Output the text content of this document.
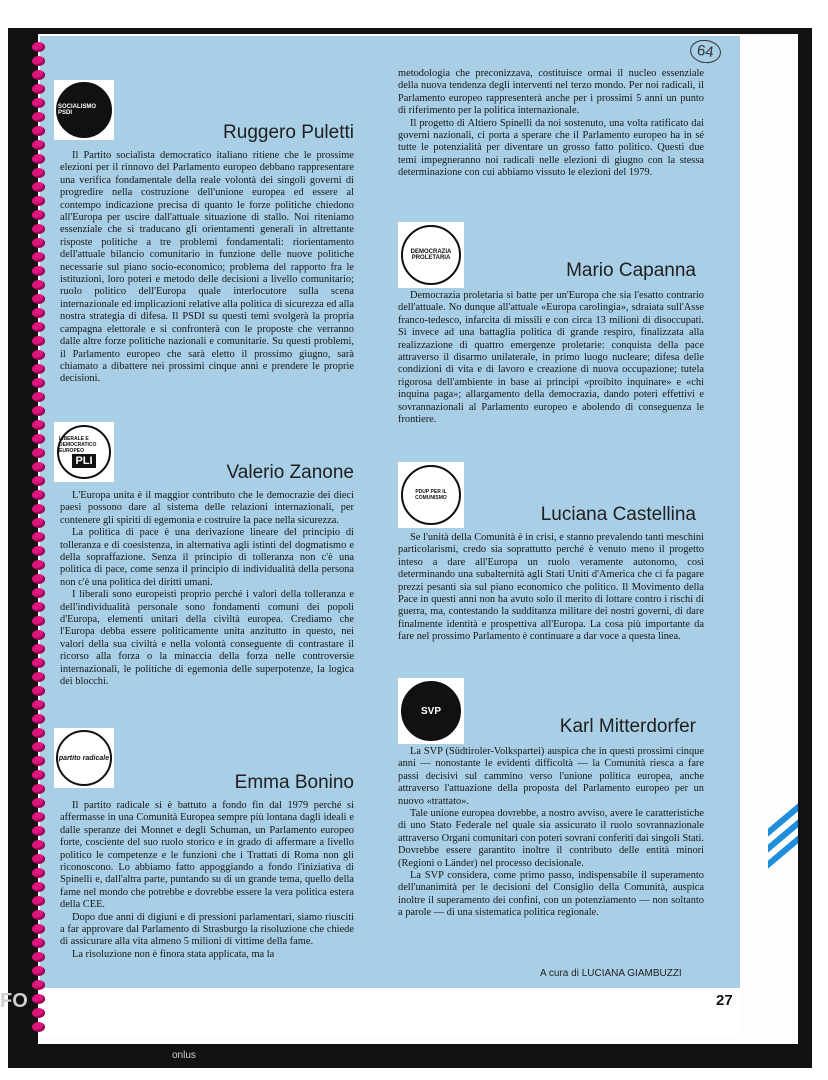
64
FO
onlus
SOCIALISMO PSDI
Ruggero Puletti

Il Partito socialista democratico italiano ritiene che le prossime elezioni per il rinnovo del Parlamento europeo debbano rappresentare una verifica fondamentale della reale volontà dei singoli governi di progredire nella costruzione dell'unione europea ed essere al contempo indicazione precisa di quanto le forze politiche chiedono all'Europa per uscire dall'attuale situazione di stallo. Noi riteniamo essenziale che si traducano gli orientamenti generali in altrettante risposte politiche a tre problemi fondamentali: riorientamento dell'attuale bilancio comunitario in funzione delle nuove politiche necessarie sul piano socio-economico; problema del rapporto fra le istituzioni, loro poteri e metodo delle decisioni a livello comunitario; ruolo politico dell'Europa quale interlocutore sulla scena internazionale ed implicazioni relative alla politica di sicurezza ed alla nostra strategia di difesa. Il PSDI su questi temi svolgerà la propria campagna elettorale e si confronterà con le proposte che verranno dalle altre forze politiche nazionali e comunitarie. Su questi problemi, il Parlamento europeo che sarà eletto il prossimo giugno, sarà chiamato a dibattere nei prossimi cinque anni e prendere le proprie decisioni.

LIBERALE E DEMOCRATICO EUROPEO
PLI
Valerio Zanone

L'Europa unita è il maggior contributo che le democrazie dei dieci paesi possono dare al sistema delle relazioni internazionali, per contenere gli spiriti di egemonia e costruire la pace nella sicurezza.

La politica di pace è una derivazione lineare del principio di tolleranza e di coesistenza, in alternativa agli istinti del dogmatismo e della sopraffazione. Senza il principio di tolleranza non c'è una politica di pace, come senza il principio di individualità della persona non c'è una politica dei diritti umani.

I liberali sono europeisti proprio perché i valori della tolleranza e dell'individualità personale sono fondamenti comuni dei popoli d'Europa, elementi unitari della civiltà europea. Crediamo che l'Europa debba essere politicamente unita anzitutto in questo, nei valori della sua civiltà e nella volontà conseguente di contrastare il ricorso alla forza o la minaccia della forza nelle controversie internazionali, le politiche di egemonia delle superpotenze, la logica dei blocchi.

partito radicale
Emma Bonino

Il partito radicale si è battuto a fondo fin dal 1979 perché si affermasse in una Comunità Europea sempre più lontana dagli ideali e dalle speranze dei Monnet e degli Schuman, un Parlamento europeo forte, cosciente del suo ruolo storico e in grado di affermare a livello politico le competenze e le funzioni che i Trattati di Roma non gli riconoscono. Lo abbiamo fatto appoggiando a fondo l'iniziativa di Spinelli e, dall'altra parte, puntando su di un grande tema, quello della fame nel mondo che potrebbe e dovrebbe essere la vera politica estera della CEE.

Dopo due anni di digiuni e di pressioni parlamentari, siamo riusciti a far approvare dal Parlamento di Strasburgo la risoluzione che chiede di assicurare alla vita almeno 5 milioni di vittime della fame.

La risoluzione non è finora stata applicata, ma la

metodologia che preconizzava, costituisce ormai il nucleo essenziale della nuova tendenza degli interventi nel terzo mondo. Per noi radicali, il Parlamento europeo rappresenterà anche per i prossimi 5 anni un punto di riferimento per la politica internazionale.

Il progetto di Altiero Spinelli da noi sostenuto, una volta ratificato dai governi nazionali, ci porta a sperare che il Parlamento europeo ha in sé tutte le potenzialità per diventare un grosso fatto politico. Questi due temi impegneranno noi radicali nelle elezioni di giugno con la stessa determinazione con cui abbiamo vissuto le elezioni del 1979.

DEMOCRAZIA PROLETARIA
Mario Capanna

Democrazia proletaria si batte per un'Europa che sia l'esatto contrario dell'attuale. No dunque all'attuale «Europa carolingia», sdraiata sull'Asse franco-tedesco, infarcita di missili e con circa 13 milioni di disoccupati. Sì invece ad una battaglia politica di grande respiro, finalizzata alla realizzazione di quattro emergenze proletarie: conquista della pace attraverso il disarmo unilaterale, in primo luogo nucleare; difesa delle condizioni di vita e di lavoro e creazione di nuova occupazione; tutela rigorosa dell'ambiente in base ai principi «proibito inquinare» e «chi inquina paga»; allargamento della democrazia, dando poteri effettivi e sovrannazionali al Parlamento europeo e abolendo di conseguenza le frontiere.

PDUP PER IL COMUNISMO
Luciana Castellina

Se l'unità della Comunità è in crisi, e stanno prevalendo tanti meschini particolarismi, credo sia soprattutto perché è venuto meno il progetto inteso a dare all'Europa un ruolo veramente autonomo, così determinando una subalternità agli Stati Uniti d'America che ci fa pagare prezzi pesanti sia sul piano economico che politico. Il Movimento della Pace in questi anni non ha avuto solo il merito di lottare contro i rischi di guerra, ma, contestando la sudditanza militare dei nostri governi, di dare finalmente identità e prospettiva all'Europa. La cosa più importante da fare nel prossimo Parlamento è continuare a dar voce a questa linea.

SVP
Karl Mitterdorfer

La SVP (Südtiroler-Volkspartei) auspica che in questi prossimi cinque anni — nonostante le evidenti difficoltà — la Comunità riesca a fare passi decisivi sul cammino verso l'unione politica europea, anche attraverso l'attuazione della proposta del Parlamento europeo per un nuovo «trattato».

Tale unione europea dovrebbe, a nostro avviso, avere le caratteristiche di uno Stato Federale nel quale sia assicurato il ruolo sovrannazionale attraverso Organi comunitari con poteri sovrani conferiti dai singoli Stati. Dovrebbe essere garantito inoltre il contributo delle entità minori (Regioni o Länder) nel processo decisionale.

La SVP considera, come primo passo, indispensabile il superamento dell'unanimità per le decisioni del Consiglio della Comunità, auspica inoltre il superamento dei confini, con un potenziamento — non soltanto a parole — di una sistematica politica regionale.

A cura di LUCIANA GIAMBUZZI
27
